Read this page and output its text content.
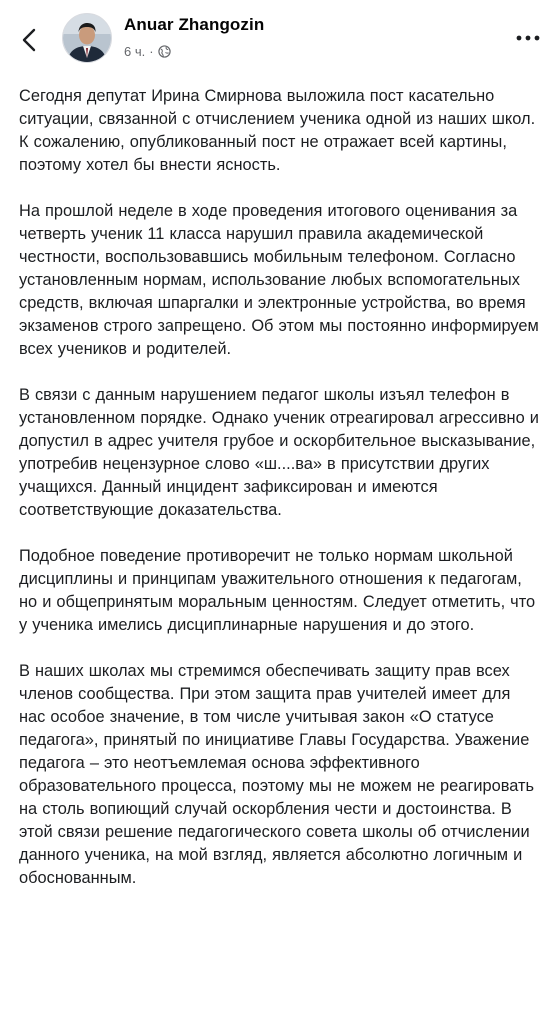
Anuar Zhangozin
6 ч. ·

Сегодня депутат Ирина Смирнова выложила пост касательно ситуации, связанной с отчислением ученика одной из наших школ. К сожалению, опубликованный пост не отражает всей картины, поэтому хотел бы внести ясность.

На прошлой неделе в ходе проведения итогового оценивания за четверть ученик 11 класса нарушил правила академической честности, воспользовавшись мобильным телефоном. Согласно установленным нормам, использование любых вспомогательных средств, включая шпаргалки и электронные устройства, во время экзаменов строго запрещено. Об этом мы постоянно информируем всех учеников и родителей.

В связи с данным нарушением педагог школы изъял телефон в установленном порядке. Однако ученик отреагировал агрессивно и допустил в адрес учителя грубое и оскорбительное высказывание, употребив нецензурное слово «ш....ва» в присутствии других учащихся. Данный инцидент зафиксирован и имеются соответствующие доказательства.

Подобное поведение противоречит не только нормам школьной дисциплины и принципам уважительного отношения к педагогам, но и общепринятым моральным ценностям. Следует отметить, что у ученика имелись дисциплинарные нарушения и до этого.

В наших школах мы стремимся обеспечивать защиту прав всех членов сообщества. При этом защита прав учителей имеет для нас особое значение, в том числе учитывая закон «О статусе педагога», принятый по инициативе Главы Государства. Уважение педагога – это неотъемлемая основа эффективного образовательного процесса, поэтому мы не можем не реагировать на столь вопиющий случай оскорбления чести и достоинства. В этой связи решение педагогического совета школы об отчислении данного ученика, на мой взгляд, является абсолютно логичным и обоснованным.
